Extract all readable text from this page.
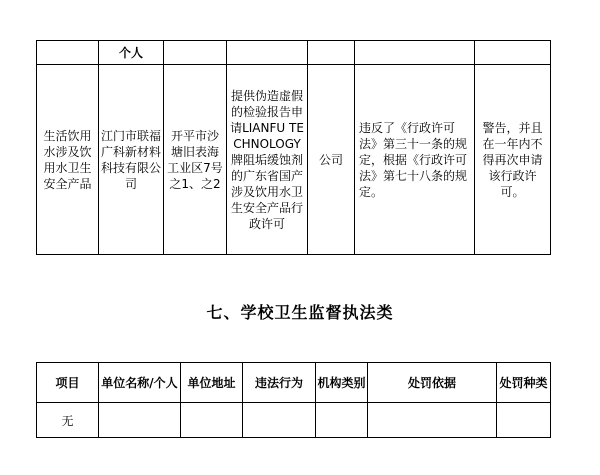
	个人					
生活饮用水涉及饮用水卫生安全产品	江门市联福广科新材料科技有限公司	开平市沙塘旧表海工业区7号之1、之2	提供伪造虚假的检验报告申请LIANFU TECHNOLOGY牌阻垢缓蚀剂的广东省国产涉及饮用水卫生安全产品行政许可	公司	违反了《行政许可法》第三十一条的规定，根据《行政许可法》第七十八条的规定。	警告，并且在一年内不得再次申请该行政许可。
七、学校卫生监督执法类
项目	单位名称/个人	单位地址	违法行为	机构类别	处罚依据	处罚种类
无						
